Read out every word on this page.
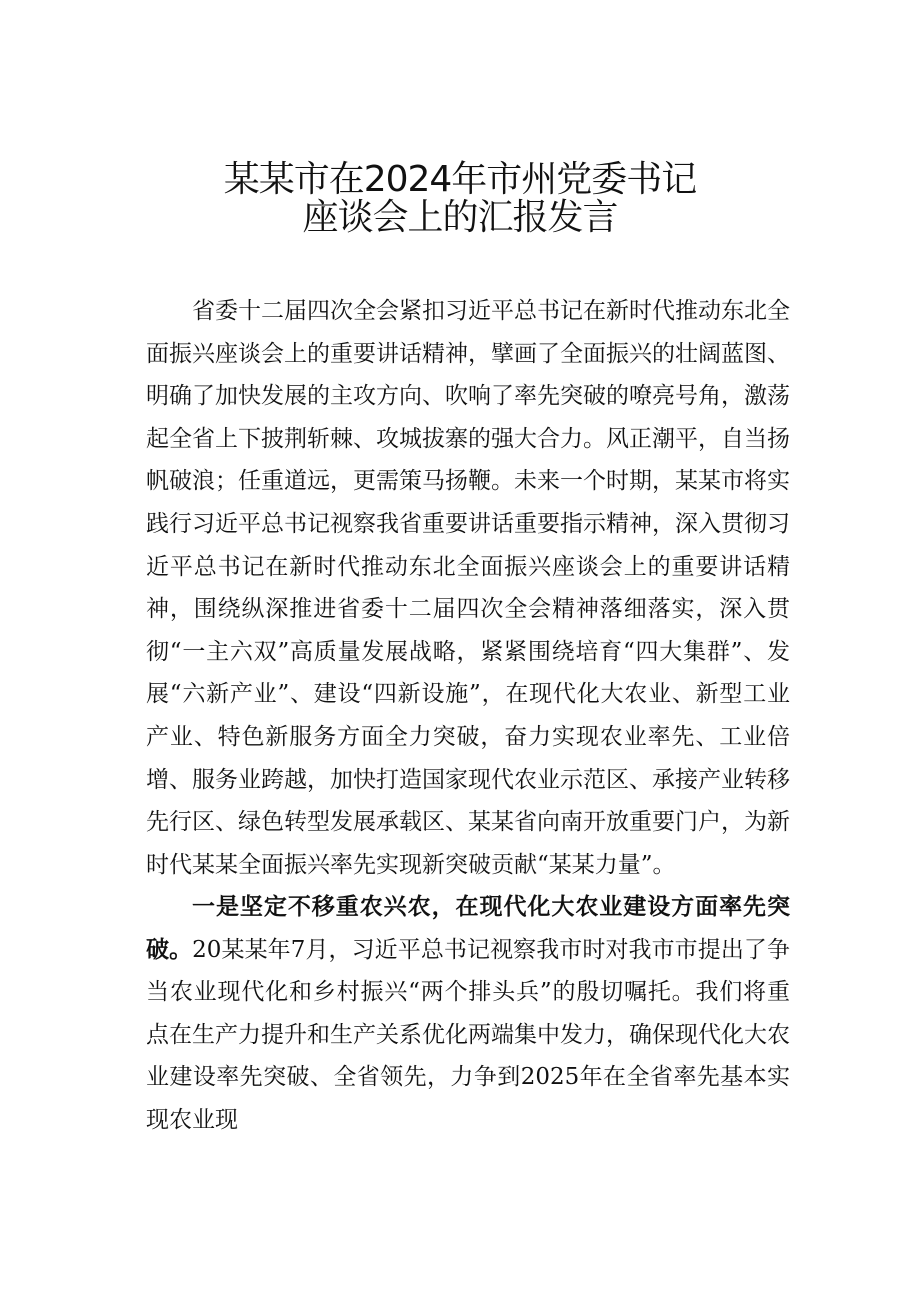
某某市在2024年市州党委书记
座谈会上的汇报发言

省委十二届四次全会紧扣习近平总书记在新时代推动东北全面振兴座谈会上的重要讲话精神，擘画了全面振兴的壮阔蓝图、明确了加快发展的主攻方向、吹响了率先突破的嘹亮号角，激荡起全省上下披荆斩棘、攻城拔寨的强大合力。风正潮平，自当扬帆破浪；任重道远，更需策马扬鞭。未来一个时期，某某市将实践行习近平总书记视察我省重要讲话重要指示精神，深入贯彻习近平总书记在新时代推动东北全面振兴座谈会上的重要讲话精神，围绕纵深推进省委十二届四次全会精神落细落实，深入贯彻“一主六双”高质量发展战略，紧紧围绕培育“四大集群”、发展“六新产业”、建设“四新设施”，在现代化大农业、新型工业产业、特色新服务方面全力突破，奋力实现农业率先、工业倍增、服务业跨越，加快打造国家现代农业示范区、承接产业转移先行区、绿色转型发展承载区、某某省向南开放重要门户，为新时代某某全面振兴率先实现新突破贡献“某某力量”。

一是坚定不移重农兴农，在现代化大农业建设方面率先突破。20某某年7月，习近平总书记视察我市时对我市市提出了争当农业现代化和乡村振兴“两个排头兵”的殷切嘱托。我们将重点在生产力提升和生产关系优化两端集中发力，确保现代化大农业建设率先突破、全省领先，力争到2025年在全省率先基本实现农业现
